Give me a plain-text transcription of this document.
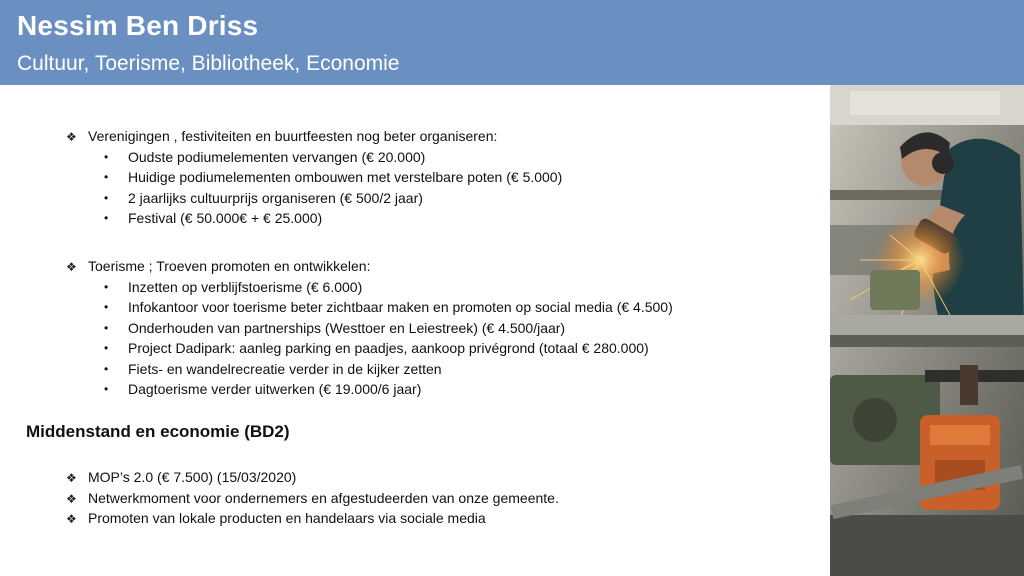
Nessim Ben Driss
Cultuur, Toerisme, Bibliotheek, Economie
❖ Verenigingen , festiviteiten en buurtfeesten nog beter organiseren:
• Oudste podiumelementen vervangen (€ 20.000)
• Huidige podiumelementen ombouwen met verstelbare poten (€ 5.000)
• 2 jaarlijks cultuurprijs organiseren (€ 500/2 jaar)
• Festival (€ 50.000€ + € 25.000)
❖ Toerisme ; Troeven promoten en ontwikkelen:
• Inzetten op verblijfstoerisme (€ 6.000)
• Infokantoor voor toerisme beter zichtbaar maken en promoten op social media (€ 4.500)
• Onderhouden van partnerships (Westtoer en Leiestreek) (€ 4.500/jaar)
• Project Dadipark: aanleg parking en paadjes, aankoop privégrond (totaal € 280.000)
• Fiets- en wandelrecreatie verder in de kijker zetten
• Dagtoerisme verder uitwerken (€ 19.000/6 jaar)
Middenstand en economie (BD2)
❖ MOP’s 2.0 (€ 7.500) (15/03/2020)
❖ Netwerkmoment voor ondernemers en afgestudeerden van onze gemeente.
❖ Promoten van lokale producten en handelaars via sociale media
